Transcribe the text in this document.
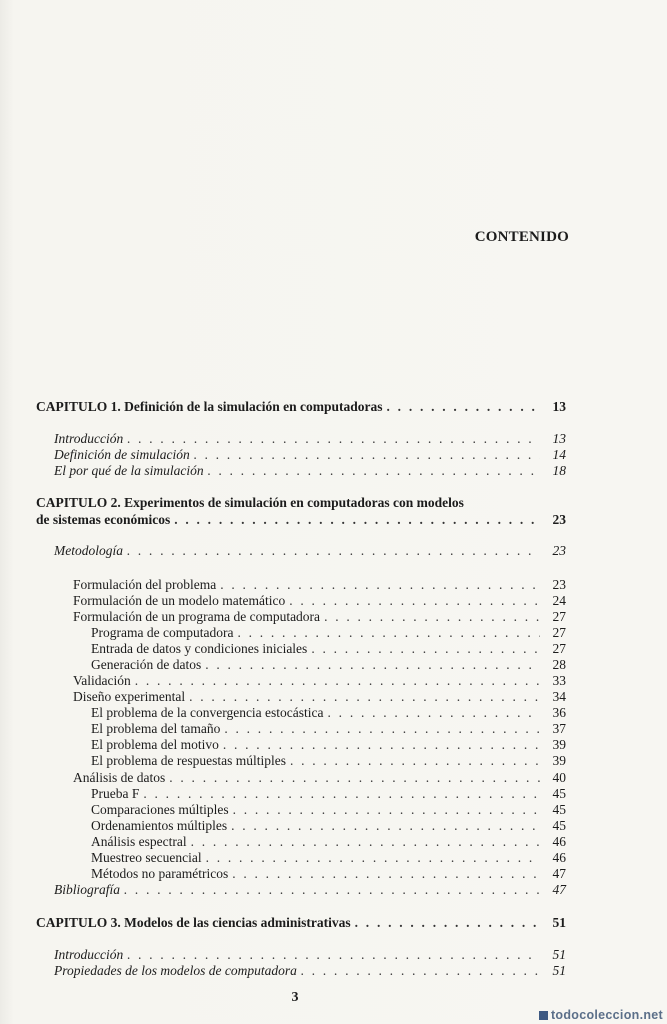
CONTENIDO
CAPITULO 1. Definición de la simulación en computadoras . . .	13
Introducción . . .	13
Definición de simulación . . .	14
El por qué de la simulación . . .	18
CAPITULO 2. Experimentos de simulación en computadoras con modelos
de sistemas económicos . . .	23
Metodología . . .	23
Formulación del problema . . .	23
Formulación de un modelo matemático . . .	24
Formulación de un programa de computadora . . .	27
Programa de computadora . . .	27
Entrada de datos y condiciones iniciales . . .	27
Generación de datos . . .	28
Validación . . .	33
Diseño experimental . . .	34
El problema de la convergencia estocástica . . .	36
El problema del tamaño . . .	37
El problema del motivo . . .	39
El problema de respuestas múltiples . . .	39
Análisis de datos . . .	40
Prueba F . . .	45
Comparaciones múltiples . . .	45
Ordenamientos múltiples . . .	45
Análisis espectral . . .	46
Muestreo secuencial . . .	46
Métodos no paramétricos . . .	47
Bibliografía . . .	47
CAPITULO 3. Modelos de las ciencias administrativas . . .	51
Introducción . . .	51
Propiedades de los modelos de computadora . . .	51
3
todocoleccion.net
